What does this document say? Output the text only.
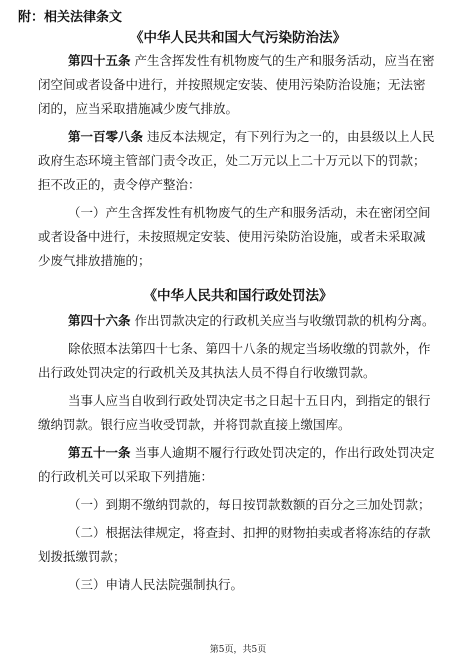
附：相关法律条文
《中华人民共和国大气污染防治法》
第四十五条 产生含挥发性有机物废气的生产和服务活动，应当在密
闭空间或者设备中进行，并按照规定安装、使用污染防治设施；无法密
闭的，应当采取措施减少废气排放。
第一百零八条 违反本法规定，有下列行为之一的，由县级以上人民
政府生态环境主管部门责令改正，处二万元以上二十万元以下的罚款；
拒不改正的，责令停产整治：
（一）产生含挥发性有机物废气的生产和服务活动，未在密闭空间
或者设备中进行，未按照规定安装、使用污染防治设施，或者未采取减
少废气排放措施的；
《中华人民共和国行政处罚法》
第四十六条 作出罚款决定的行政机关应当与收缴罚款的机构分离。
除依照本法第四十七条、第四十八条的规定当场收缴的罚款外，作
出行政处罚决定的行政机关及其执法人员不得自行收缴罚款。
当事人应当自收到行政处罚决定书之日起十五日内，到指定的银行
缴纳罚款。银行应当收受罚款，并将罚款直接上缴国库。
第五十一条 当事人逾期不履行行政处罚决定的，作出行政处罚决定
的行政机关可以采取下列措施：
（一）到期不缴纳罚款的，每日按罚款数额的百分之三加处罚款；
（二）根据法律规定，将查封、扣押的财物拍卖或者将冻结的存款
划拨抵缴罚款；
（三）申请人民法院强制执行。
第5页，共5页
